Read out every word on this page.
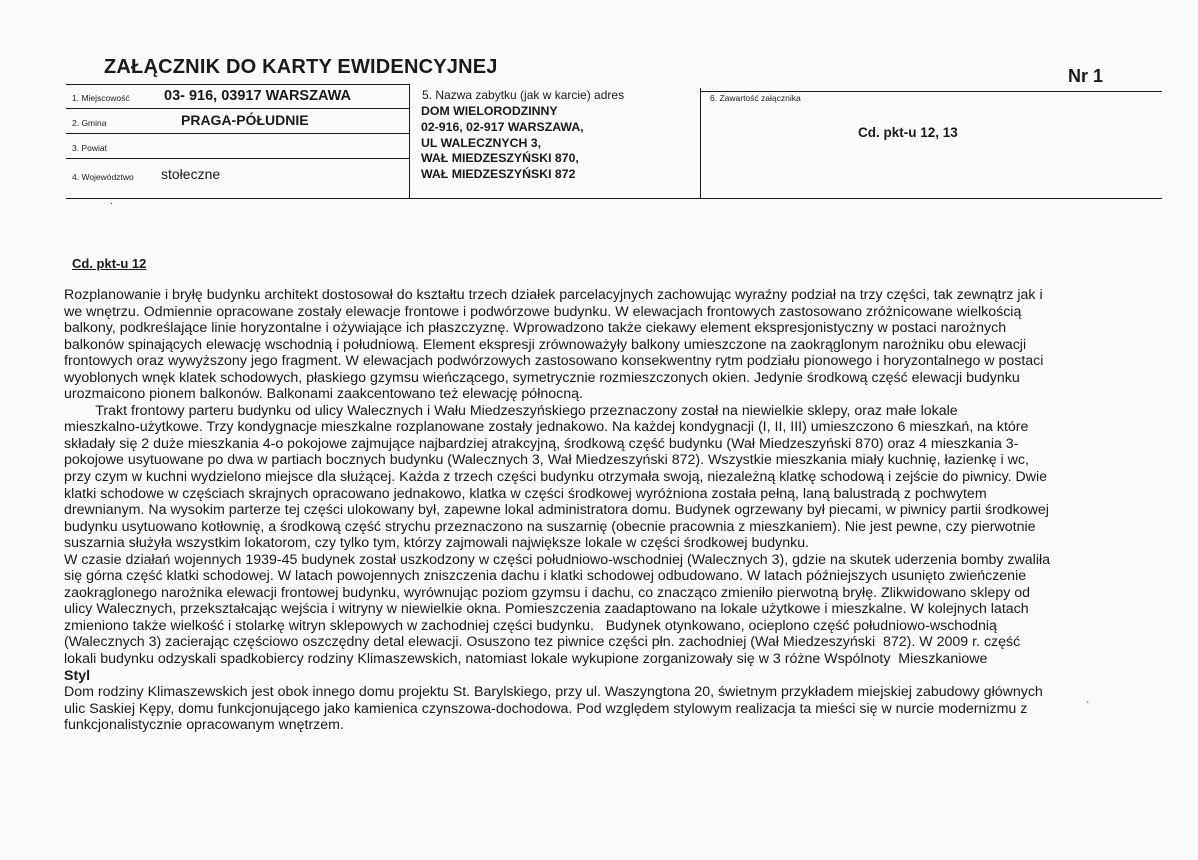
ZAŁĄCZNIK DO KARTY EWIDENCYJNEJ	Nr 1
1. Miejscowość 03- 916, 03917 WARSZAWA
2. Gmina	PRAGA-PÓŁUDNIE
3. Powiat
4. Województwo stołeczne
5. Nazwa zabytku (jak w karcie) adres
DOM WIELORODZINNY
02-916, 02-917 WARSZAWA,
UL WALECZNYCH 3,
WAŁ MIEDZESZYŃSKI 870,
WAŁ MIEDZESZYŃSKI 872
6. Zawartość załącznika
Cd. pkt-u 12, 13
.
`
Cd. pkt-u 12
Rozplanowanie i bryłę budynku architekt dostosował do kształtu trzech działek parcelacyjnych zachowując wyraźny podział na trzy części, tak zewnątrz jak i
we wnętrzu. Odmiennie opracowane zostały elewacje frontowe i podwórzowe budynku. W elewacjach frontowych zastosowano zróżnicowane wielkością
balkony, podkreślające linie horyzontalne i ożywiające ich płaszczyznę. Wprowadzono także ciekawy element ekspresjonistyczny w postaci narożnych
balkonów spinających elewację wschodnią i południową. Element ekspresji zrównoważyły balkony umieszczone na zaokrąglonym narożniku obu elewacji
frontowych oraz wywyższony jego fragment. W elewacjach podwórzowych zastosowano konsekwentny rytm podziału pionowego i horyzontalnego w postaci
wyoblonych wnęk klatek schodowych, płaskiego gzymsu wieńczącego, symetrycznie rozmieszczonych okien. Jedynie środkową część elewacji budynku
urozmaicono pionem balkonów. Balkonami zaakcentowano też elewację północną.
Trakt frontowy parteru budynku od ulicy Walecznych i Wału Miedzeszyńskiego przeznaczony został na niewielkie sklepy, oraz małe lokale
mieszkalno-użytkowe. Trzy kondygnacje mieszkalne rozplanowane zostały jednakowo. Na każdej kondygnacji (I, II, III) umieszczono 6 mieszkań, na które
składały się 2 duże mieszkania 4-o pokojowe zajmujące najbardziej atrakcyjną, środkową część budynku (Wał Miedzeszyński 870) oraz 4 mieszkania 3-
pokojowe usytuowane po dwa w partiach bocznych budynku (Walecznych 3, Wał Miedzeszyński 872). Wszystkie mieszkania miały kuchnię, łazienkę i wc,
przy czym w kuchni wydzielono miejsce dla służącej. Każda z trzech części budynku otrzymała swoją, niezależną klatkę schodową i zejście do piwnicy. Dwie
klatki schodowe w częściach skrajnych opracowano jednakowo, klatka w części środkowej wyróżniona została pełną, laną balustradą z pochwytem
drewnianym. Na wysokim parterze tej części ulokowany był, zapewne lokal administratora domu. Budynek ogrzewany był piecami, w piwnicy partii środkowej
budynku usytuowano kotłownię, a środkową część strychu przeznaczono na suszarnię (obecnie pracownia z mieszkaniem). Nie jest pewne, czy pierwotnie
suszarnia służyła wszystkim lokatorom, czy tylko tym, którzy zajmowali największe lokale w części środkowej budynku.
W czasie działań wojennych 1939-45 budynek został uszkodzony w części południowo-wschodniej (Walecznych 3), gdzie na skutek uderzenia bomby zwaliła
się górna część klatki schodowej. W latach powojennych zniszczenia dachu i klatki schodowej odbudowano. W latach późniejszych usunięto zwieńczenie
zaokrąglonego narożnika elewacji frontowej budynku, wyrównując poziom gzymsu i dachu, co znacząco zmieniło pierwotną bryłę. Zlikwidowano sklepy od
ulicy Walecznych, przekształcając wejścia i witryny w niewielkie okna. Pomieszczenia zaadaptowano na lokale użytkowe i mieszkalne. W kolejnych latach
zmieniono także wielkość i stolarkę witryn sklepowych w zachodniej części budynku.   Budynek otynkowano, ocieplono część południowo-wschodnią
(Walecznych 3) zacierając częściowo oszczędny detal elewacji. Osuszono tez piwnice części płn. zachodniej (Wał Miedzeszyński  872). W 2009 r. część
lokali budynku odzyskali spadkobiercy rodziny Klimaszewskich, natomiast lokale wykupione zorganizowały się w 3 różne Wspólnoty  Mieszkaniowe
Styl
Dom rodziny Klimaszewskich jest obok innego domu projektu St. Barylskiego, przy ul. Waszyngtona 20, świetnym przykładem miejskiej zabudowy głównych
ulic Saskiej Kępy, domu funkcjonującego jako kamienica czynszowa-dochodowa. Pod względem stylowym realizacja ta mieści się w nurcie modernizmu z
funkcjonalistycznie opracowanym wnętrzem.
